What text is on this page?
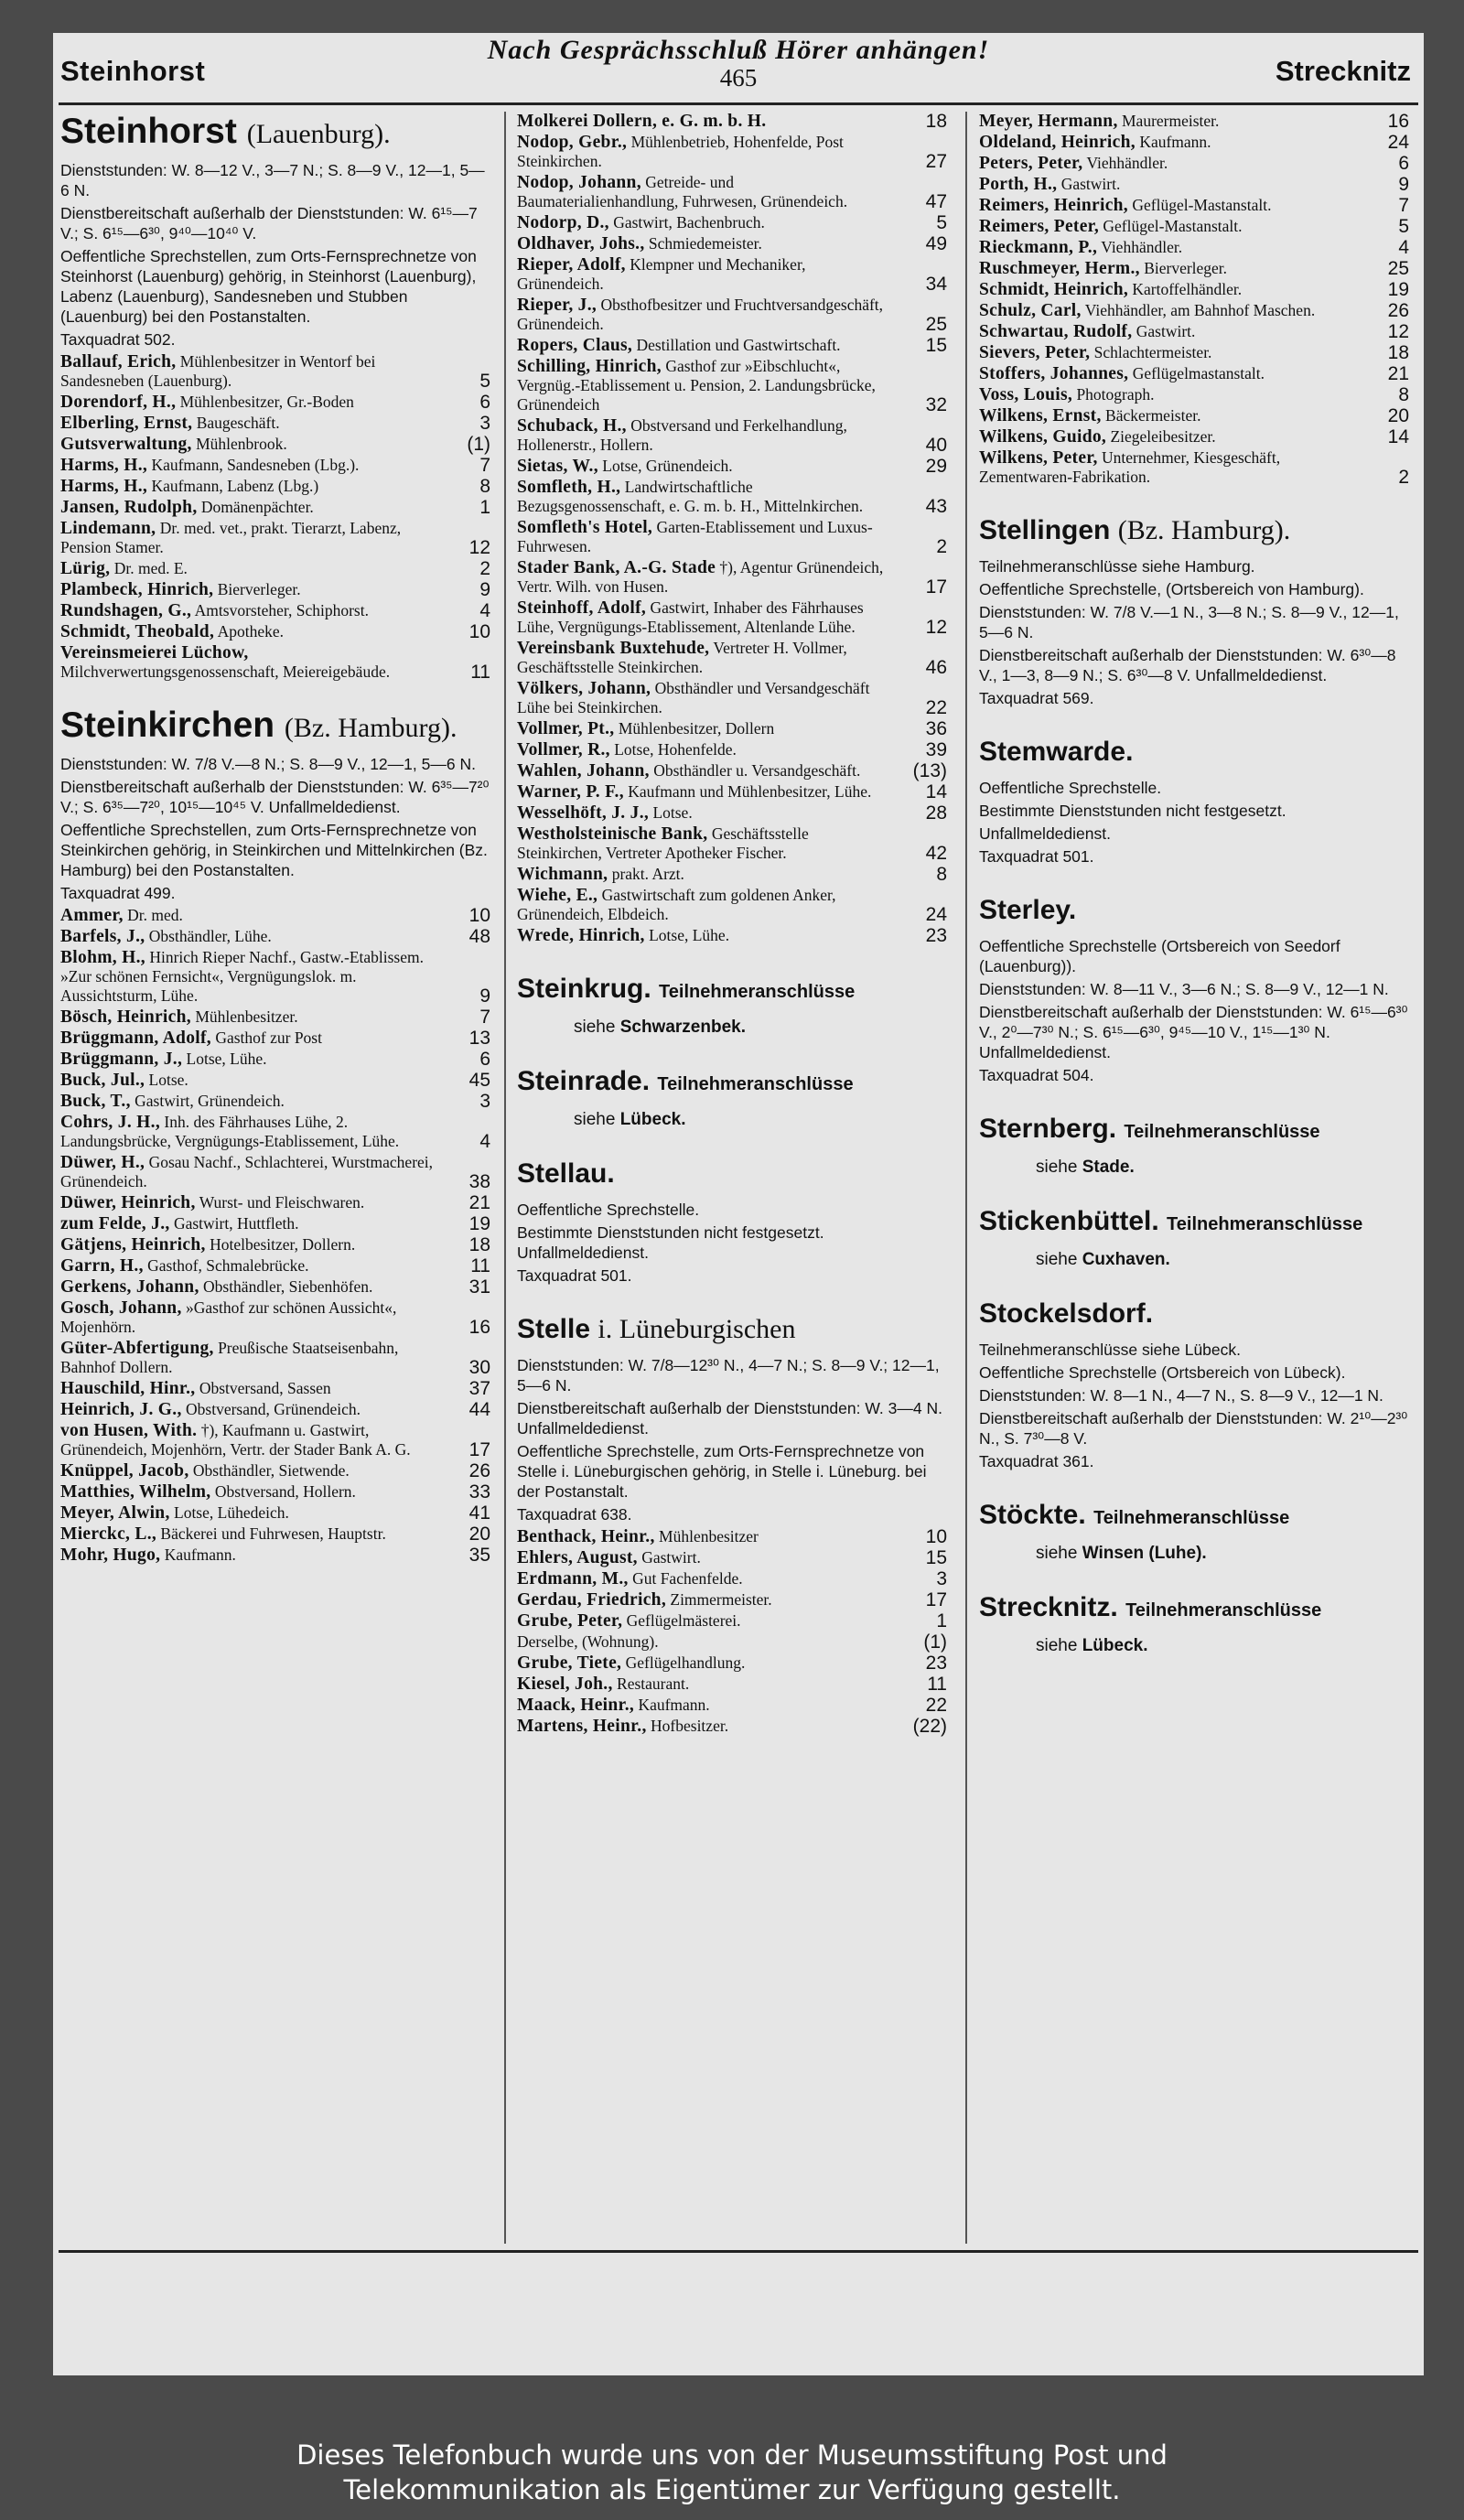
Steinhorst
Nach Gesprächsschluß Hörer anhängen!
465	Strecknitz
Steinhorst (Lauenburg).
Dienststunden: W. 8—12 V., 3—7 N.; S. 8—9 V., 12—1, 5—6 N.
Dienstbereitschaft außerhalb der Dienststunden: W. 6¹⁵—7 V.; S. 6¹⁵—6³⁰, 9⁴⁰—10⁴⁰ V.
Oeffentliche Sprechstellen, zum Orts-Fernsprechnetze von Steinhorst (Lauenburg) gehörig, in Steinhorst (Lauenburg), Labenz (Lauenburg), Sandesneben und Stubben (Lauenburg) bei den Postanstalten.
Taxquadrat 502.
Ballauf, Erich, Mühlenbesitzer in Wentorf bei Sandesneben (Lauenburg).	5
Dorendorf, H., Mühlenbesitzer, Gr.-Boden	6
Elberling, Ernst, Baugeschäft.	3
Gutsverwaltung, Mühlenbrook.	(1)
Harms, H., Kaufmann, Sandesneben (Lbg.).	7
Harms, H., Kaufmann, Labenz (Lbg.)	8
Jansen, Rudolph, Domänenpächter.	1
Lindemann, Dr. med. vet., prakt. Tierarzt, Labenz, Pension Stamer.	12
Lürig, Dr. med. E.	2
Plambeck, Hinrich, Bierverleger.	9
Rundshagen, G., Amtsvorsteher, Schiphorst.	4
Schmidt, Theobald, Apotheke.	10
Vereinsmeierei Lüchow, Milchverwertungsgenossenschaft, Meiereigebäude.	11
Steinkirchen (Bz. Hamburg).
Dienststunden: W. 7/8 V.—8 N.; S. 8—9 V., 12—1, 5—6 N.
Dienstbereitschaft außerhalb der Dienststunden: W. 6³⁵—7²⁰ V.; S. 6³⁵—7²⁰, 10¹⁵—10⁴⁵ V. Unfallmeldedienst.
Oeffentliche Sprechstellen, zum Orts-Fernsprechnetze von Steinkirchen gehörig, in Steinkirchen und Mittelnkirchen (Bz. Hamburg) bei den Postanstalten.
Taxquadrat 499.
Ammer, Dr. med.	10
Barfels, J., Obsthändler, Lühe.	48
Blohm, H., Hinrich Rieper Nachf., Gastw.-Etablissem. »Zur schönen Fernsicht«, Vergnügungslok. m. Aussichtsturm, Lühe.	9
Bösch, Heinrich, Mühlenbesitzer.	7
Brüggmann, Adolf, Gasthof zur Post	13
Brüggmann, J., Lotse, Lühe.	6
Buck, Jul., Lotse.	45
Buck, T., Gastwirt, Grünendeich.	3
Cohrs, J. H., Inh. des Fährhauses Lühe, 2. Landungsbrücke, Vergnügungs-Etablissement, Lühe.	4
Düwer, H., Gosau Nachf., Schlachterei, Wurstmacherei, Grünendeich.	38
Düwer, Heinrich, Wurst- und Fleischwaren.	21
zum Felde, J., Gastwirt, Huttfleth.	19
Gätjens, Heinrich, Hotelbesitzer, Dollern.	18
Garrn, H., Gasthof, Schmalebrücke.	11
Gerkens, Johann, Obsthändler, Siebenhöfen.	31
Gosch, Johann, »Gasthof zur schönen Aussicht«, Mojenhörn.	16
Güter-Abfertigung, Preußische Staatseisenbahn, Bahnhof Dollern.	30
Hauschild, Hinr., Obstversand, Sassen	37
Heinrich, J. G., Obstversand, Grünendeich.	44
von Husen, With. †), Kaufmann u. Gastwirt, Grünendeich, Mojenhörn, Vertr. der Stader Bank A. G.	17
Knüppel, Jacob, Obsthändler, Sietwende.	26
Matthies, Wilhelm, Obstversand, Hollern.	33
Meyer, Alwin, Lotse, Lühedeich.	41
Mierckc, L., Bäckerei und Fuhrwesen, Hauptstr.	20
Mohr, Hugo, Kaufmann.	35
Molkerei Dollern, e. G. m. b. H.	18
Nodop, Gebr., Mühlenbetrieb, Hohenfelde, Post Steinkirchen.	27
Nodop, Johann, Getreide- und Baumaterialienhandlung, Fuhrwesen, Grünendeich.	47
Nodorp, D., Gastwirt, Bachenbruch.	5
Oldhaver, Johs., Schmiedemeister.	49
Rieper, Adolf, Klempner und Mechaniker, Grünendeich.	34
Rieper, J., Obsthofbesitzer und Fruchtversandgeschäft, Grünendeich.	25
Ropers, Claus, Destillation und Gastwirtschaft.	15
Schilling, Hinrich, Gasthof zur »Eibschlucht«, Vergnüg.-Etablissement u. Pension, 2. Landungsbrücke, Grünendeich	32
Schuback, H., Obstversand und Ferkelhandlung, Hollenerstr., Hollern.	40
Sietas, W., Lotse, Grünendeich.	29
Somfleth, H., Landwirtschaftliche Bezugsgenossenschaft, e. G. m. b. H., Mittelnkirchen.	43
Somfleth's Hotel, Garten-Etablissement und Luxus-Fuhrwesen.	2
Stader Bank, A.-G. Stade †), Agentur Grünendeich, Vertr. Wilh. von Husen.	17
Steinhoff, Adolf, Gastwirt, Inhaber des Fährhauses Lühe, Vergnügungs-Etablissement, Altenlande Lühe.	12
Vereinsbank Buxtehude, Vertreter H. Vollmer, Geschäftsstelle Steinkirchen.	46
Völkers, Johann, Obsthändler und Versandgeschäft Lühe bei Steinkirchen.	22
Vollmer, Pt., Mühlenbesitzer, Dollern	36
Vollmer, R., Lotse, Hohenfelde.	39
Wahlen, Johann, Obsthändler u. Versandgeschäft.	(13)
Warner, P. F., Kaufmann und Mühlenbesitzer, Lühe.	14
Wesselhöft, J. J., Lotse.	28
Westholsteinische Bank, Geschäftsstelle Steinkirchen, Vertreter Apotheker Fischer.	42
Wichmann, prakt. Arzt.	8
Wiehe, E., Gastwirtschaft zum goldenen Anker, Grünendeich, Elbdeich.	24
Wrede, Hinrich, Lotse, Lühe.	23
Steinkrug. Teilnehmeranschlüsse
siehe Schwarzenbek.
Steinrade. Teilnehmeranschlüsse
siehe Lübeck.
Stellau.
Oeffentliche Sprechstelle.
Bestimmte Dienststunden nicht festgesetzt. Unfallmeldedienst.
Taxquadrat 501.
Stelle i. Lüneburgischen
Dienststunden: W. 7/8—12³⁰ N., 4—7 N.; S. 8—9 V.; 12—1, 5—6 N.
Dienstbereitschaft außerhalb der Dienststunden: W. 3—4 N. Unfallmeldedienst.
Oeffentliche Sprechstelle, zum Orts-Fernsprechnetze von Stelle i. Lüneburgischen gehörig, in Stelle i. Lüneburg. bei der Postanstalt.
Taxquadrat 638.
Benthack, Heinr., Mühlenbesitzer	10
Ehlers, August, Gastwirt.	15
Erdmann, M., Gut Fachenfelde.	3
Gerdau, Friedrich, Zimmermeister.	17
Grube, Peter, Geflügelmästerei.	1
Derselbe, (Wohnung).	(1)
Grube, Tiete, Geflügelhandlung.	23
Kiesel, Joh., Restaurant.	11
Maack, Heinr., Kaufmann.	22
Martens, Heinr., Hofbesitzer.	(22)
Meyer, Hermann, Maurermeister.	16
Oldeland, Heinrich, Kaufmann.	24
Peters, Peter, Viehhändler.	6
Porth, H., Gastwirt.	9
Reimers, Heinrich, Geflügel-Mastanstalt.	7
Reimers, Peter, Geflügel-Mastanstalt.	5
Rieckmann, P., Viehhändler.	4
Ruschmeyer, Herm., Bierverleger.	25
Schmidt, Heinrich, Kartoffelhändler.	19
Schulz, Carl, Viehhändler, am Bahnhof Maschen.	26
Schwartau, Rudolf, Gastwirt.	12
Sievers, Peter, Schlachtermeister.	18
Stoffers, Johannes, Geflügelmastanstalt.	21
Voss, Louis, Photograph.	8
Wilkens, Ernst, Bäckermeister.	20
Wilkens, Guido, Ziegeleibesitzer.	14
Wilkens, Peter, Unternehmer, Kiesgeschäft, Zementwaren-Fabrikation.	2
Stellingen (Bz. Hamburg).
Teilnehmeranschlüsse siehe Hamburg.
Oeffentliche Sprechstelle, (Ortsbereich von Hamburg).
Dienststunden: W. 7/8 V.—1 N., 3—8 N.; S. 8—9 V., 12—1, 5—6 N.
Dienstbereitschaft außerhalb der Dienststunden: W. 6³⁰—8 V., 1—3, 8—9 N.; S. 6³⁰—8 V. Unfallmeldedienst.
Taxquadrat 569.
Stemwarde.
Oeffentliche Sprechstelle.
Bestimmte Dienststunden nicht festgesetzt.
Unfallmeldedienst.
Taxquadrat 501.
Sterley.
Oeffentliche Sprechstelle (Ortsbereich von Seedorf (Lauenburg)).
Dienststunden: W. 8—11 V., 3—6 N.; S. 8—9 V., 12—1 N.
Dienstbereitschaft außerhalb der Dienststunden: W. 6¹⁵—6³⁰ V., 2⁰—7³⁰ N.; S. 6¹⁵—6³⁰, 9⁴⁵—10 V., 1¹⁵—1³⁰ N. Unfallmeldedienst.
Taxquadrat 504.
Sternberg. Teilnehmeranschlüsse
siehe Stade.
Stickenbüttel. Teilnehmeranschlüsse
siehe Cuxhaven.
Stockelsdorf.
Teilnehmeranschlüsse siehe Lübeck.
Oeffentliche Sprechstelle (Ortsbereich von Lübeck).
Dienststunden: W. 8—1 N., 4—7 N., S. 8—9 V., 12—1 N.
Dienstbereitschaft außerhalb der Dienststunden: W. 2¹⁰—2³⁰ N., S. 7³⁰—8 V.
Taxquadrat 361.
Stöckte. Teilnehmeranschlüsse
siehe Winsen (Luhe).
Strecknitz. Teilnehmeranschlüsse
siehe Lübeck.
Dieses Telefonbuch wurde uns von der Museumsstiftung Post und
Telekommunikation als Eigentümer zur Verfügung gestellt.
